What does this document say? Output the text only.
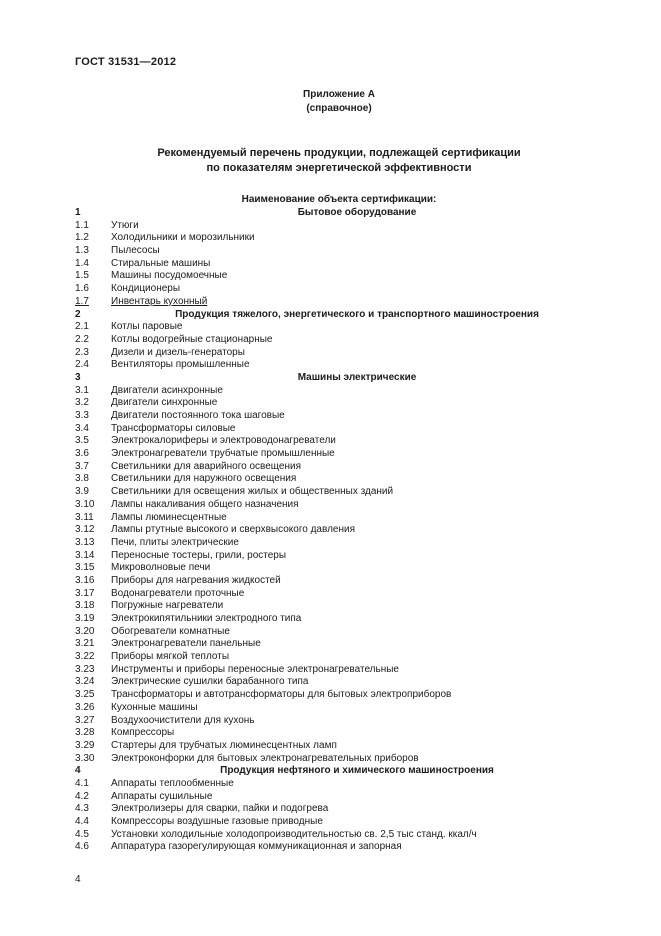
ГОСТ 31531—2012
Приложение А
(справочное)
Рекомендуемый перечень продукции, подлежащей сертификации
по показателям энергетической эффективности
Наименование объекта сертификации:
1	Бытовое оборудование
1.1	Утюги
1.2	Холодильники и морозильники
1.3	Пылесосы
1.4	Стиральные машины
1.5	Машины посудомоечные
1.6	Кондиционеры
1.7	Инвентарь кухонный
2	Продукция тяжелого, энергетического и транспортного машиностроения
2.1	Котлы паровые
2.2	Котлы водогрейные стационарные
2.3	Дизели и дизель-генераторы
2.4	Вентиляторы промышленные
3	Машины электрические
3.1	Двигатели асинхронные
3.2	Двигатели синхронные
3.3	Двигатели постоянного тока шаговые
3.4	Трансформаторы силовые
3.5	Электрокалориферы и электроводонагреватели
3.6	Электронагреватели трубчатые промышленные
3.7	Светильники для аварийного освещения
3.8	Светильники для наружного освещения
3.9	Светильники для освещения жилых и общественных зданий
3.10	Лампы накаливания общего назначения
3.11	Лампы люминесцентные
3.12	Лампы ртутные высокого и сверхвысокого давления
3.13	Печи, плиты электрические
3.14	Переносные тостеры, грили, ростеры
3.15	Микроволновые печи
3.16	Приборы для нагревания жидкостей
3.17	Водонагреватели проточные
3.18	Погружные нагреватели
3.19	Электрокипятильники электродного типа
3.20	Обогреватели комнатные
3.21	Электронагреватели панельные
3.22	Приборы мягкой теплоты
3.23	Инструменты и приборы переносные электронагревательные
3.24	Электрические сушилки барабанного типа
3.25	Трансформаторы и автотрансформаторы для бытовых электроприборов
3.26	Кухонные машины
3.27	Воздухоочистители для кухонь
3.28	Компрессоры
3.29	Стартеры для трубчатых люминесцентных ламп
3.30	Электроконфорки для бытовых электронагревательных приборов
4	Продукция нефтяного и химического машиностроения
4.1	Аппараты теплообменные
4.2	Аппараты сушильные
4.3	Электролизеры для сварки, пайки и подогрева
4.4	Компрессоры воздушные газовые приводные
4.5	Установки холодильные холодопроизводительностью св. 2,5 тыс станд. ккал/ч
4.6	Аппаратура газорегулирующая коммуникационная и запорная
4
